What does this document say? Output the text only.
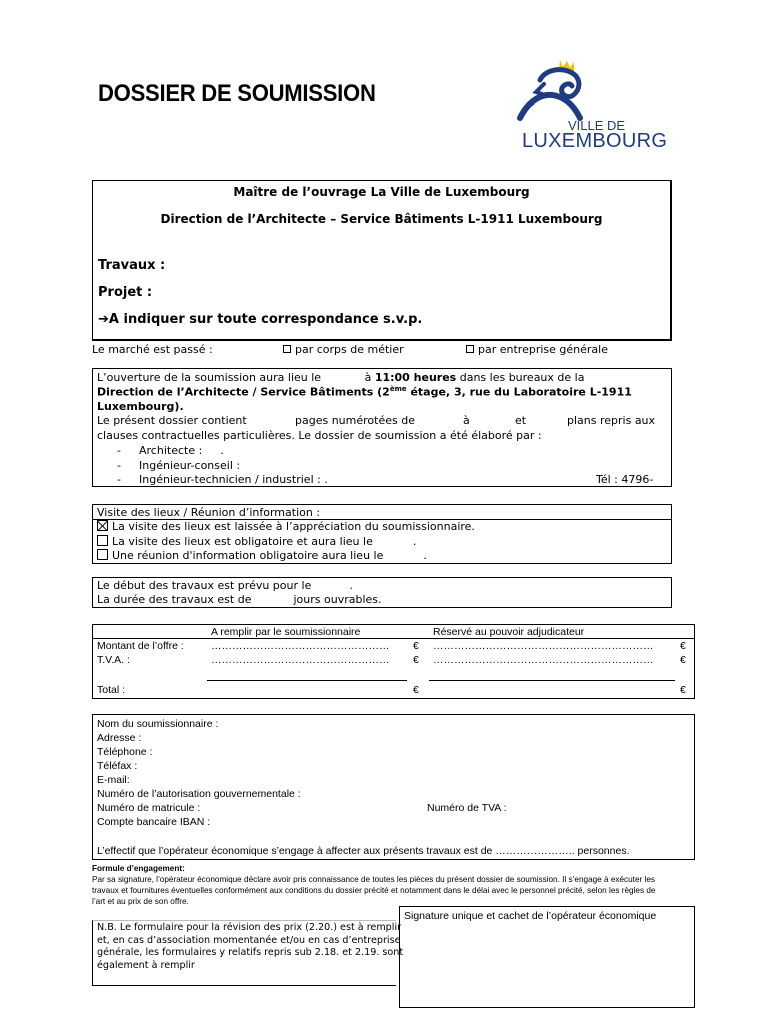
DOSSIER DE SOUMISSION
VILLE DE
LUXEMBOURG
Maître de l’ouvrage La Ville de Luxembourg
Direction de l’Architecte – Service Bâtiments L-1911 Luxembourg
Travaux :
Projet :
➔A indiquer sur toute correspondance s.v.p.
Le marché est passé :	par corps de métier	par entreprise générale
L’ouverture de la soumission aura lieu le	à 11:00 heures dans les bureaux de la
Direction de l’Architecte / Service Bâtiments (2ème étage, 3, rue du Laboratoire L-1911
Luxembourg).
Le présent dossier contient	pages numérotées de	à	et	plans repris aux
clauses contractuelles particulières. Le dossier de soumission a été élaboré par :
- Architecte : .
- Ingénieur-conseil :
- Ingénieur-technicien / industriel : .	Tél : 4796-
Visite des lieux / Réunion d’information :
La visite des lieux est laissée à l’appréciation du soumissionnaire.
La visite des lieux est obligatoire et aura lieu le	.
Une réunion d'information obligatoire aura lieu le	.
Le début des travaux est prévu pour le	.
La durée des travaux est de	jours ouvrables.
A remplir par le soumissionnaire	Réservé au pouvoir adjudicateur
Montant de l’offre :	……………………………………………	€ ………………………………………………………	€
T.V.A. :	……………………………………………	€ ………………………………………………………	€
Total :	€	€
Nom du soumissionnaire :
Adresse :
Téléphone :
Téléfax :
E-mail:
Numéro de l’autorisation gouvernementale :
Numéro de matricule :	Numéro de TVA :
Compte bancaire IBAN :
L’effectif que l’opérateur économique s’engage à affecter aux présents travaux est de ………………….. personnes.
Formule d’engagement:
Par sa signature, l’opérateur économique déclare avoir pris connaissance de toutes les pièces du présent dossier de soumission. Il s’engage à exécuter les
travaux et fournitures éventuelles conformément aux conditions du dossier précité et notamment dans le délai avec le personnel précité, selon les règles de
l’art et au prix de son offre.
N.B. Le formulaire pour la révision des prix (2.20.) est à remplir
et, en cas d’association momentanée et/ou en cas d’entreprise
générale, les formulaires y relatifs repris sub 2.18. et 2.19. sont
également à remplir
Signature unique et cachet de l’opérateur économique
